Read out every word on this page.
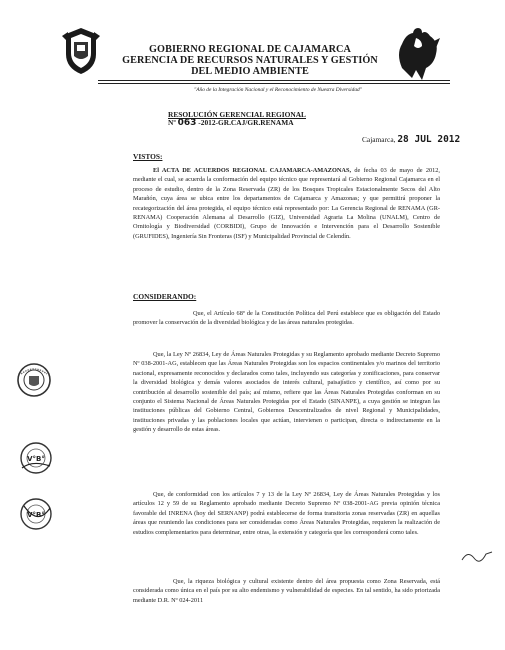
GOBIERNO REGIONAL DE CAJAMARCA
GERENCIA DE RECURSOS NATURALES Y GESTIÓN
DEL MEDIO AMBIENTE
"Año de la Integración Nacional y el Reconocimiento de Nuestra Diversidad"
RESOLUCIÓN GERENCIAL REGIONAL
Nº 063 -2012-GR.CAJ/GR.RENAMA
Cajamarca, 28 JUL 2012
VISTOS:
El ACTA DE ACUERDOS REGIONAL CAJAMARCA-AMAZONAS, de fecha 03 de mayo de 2012, mediante el cual, se acuerda la conformación del equipo técnico que representará al Gobierno Regional Cajamarca en el proceso de estudio, dentro de la Zona Reservada (ZR) de los Bosques Tropicales Estacionalmente Secos del Alto Marañón, cuya área se ubica entre los departamentos de Cajamarca y Amazonas; y que permitirá proponer la recategorización del área protegida, el equipo técnico está representado por: La Gerencia Regional de RENAMA (GR-RENAMA) Cooperación Alemana al Desarrollo (GIZ), Universidad Agraria La Molina (UNALM), Centro de Ornitología y Biodiversidad (CORBIDI), Grupo de Innovación e Intervención para el Desarrollo Sostenible (GRUFIDES), Ingeniería Sin Fronteras (ISF) y Municipalidad Provincial de Celendín.
CONSIDERANDO:
Que, el Artículo 68º de la Constitución Política del Perú establece que es obligación del Estado promover la conservación de la diversidad biológica y de las áreas naturales protegidas.
Que, la Ley Nº 26834, Ley de Áreas Naturales Protegidas y su Reglamento aprobado mediante Decreto Supremo Nº 038-2001-AG, establecen que las Áreas Naturales Protegidas son los espacios continentales y/o marinos del territorio nacional, expresamente reconocidos y declarados como tales, incluyendo sus categorías y zonificaciones, para conservar la diversidad biológica y demás valores asociados de interés cultural, paisajístico y científico, así como por su contribución al desarrollo sostenible del país; así mismo, refiere que las Áreas Naturales Protegidas conforman en su conjunto el Sistema Nacional de Áreas Naturales Protegidas por el Estado (SINANPE), a cuya gestión se integran las instituciones públicas del Gobierno Central, Gobiernos Descentralizados de nivel Regional y Municipalidades, instituciones privadas y las poblaciones locales que actúan, intervienen o participan, directa o indirectamente en la gestión y desarrollo de estas áreas.
Que, de conformidad con los artículos 7 y 13 de la Ley Nº 26834, Ley de Áreas Naturales Protegidas y los artículos 12 y 59 de su Reglamento aprobado mediante Decreto Supremo Nº 038-2001-AG previa opinión técnica favorable del INRENA (hoy del SERNANP) podrá establecerse de forma transitoria zonas reservadas (ZR) en aquellas áreas que reuniendo las condiciones para ser consideradas como Áreas Naturales Protegidas, requieren la realización de estudios complementarios para determinar, entre otras, la extensión y categoría que les corresponderá como tales.
Que, la riqueza biológica y cultural existente dentro del área propuesta como Zona Reservada, está considerada como única en el país por su alto endemismo y vulnerabilidad de especies. En tal sentido, ha sido priorizada mediante D.R. Nº 024-2011
V°B°
V°B°
